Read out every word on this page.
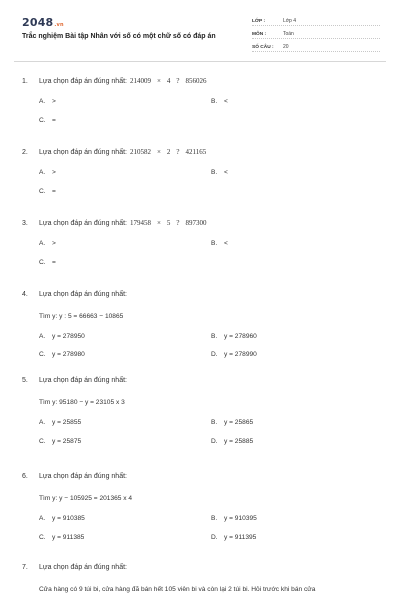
2048.vn
Trắc nghiệm Bài tập Nhân với số có một chữ số có đáp án
LỚP :	Lớp 4
MÔN :	Toán
SỐ CÂU :	20
1.	Lựa chọn đáp án đúng nhất: 214009 × 4 ? 856026
A.	>	B.	<
C. =
2.	Lựa chọn đáp án đúng nhất: 210582 × 2 ? 421165
A.	>	B.	<
C. =
3.	Lựa chọn đáp án đúng nhất: 179458 × 5 ? 897300
A.	>	B.	<
C. =
4.	Lựa chọn đáp án đúng nhất:
Tìm y: y : 5 = 66663 − 10865
A.	y = 278950	B.	y = 278960
C. y = 278980	D. y = 278990
5.	Lựa chọn đáp án đúng nhất:
Tìm y: 95180 − y = 23105 x 3
A.	y = 25855	B.	y = 25865
C. y = 25875	D. y = 25885
6.	Lựa chọn đáp án đúng nhất:
Tìm y: y − 105925 = 201365 x 4
A.	y = 910385	B.	y = 910395
C. y = 911385	D. y = 911395
7.	Lựa chọn đáp án đúng nhất:
Cửa hàng có 9 túi bi, cửa hàng đã bán hết 105 viên bi và còn lại 2 túi bi. Hỏi trước khi bán cửa
